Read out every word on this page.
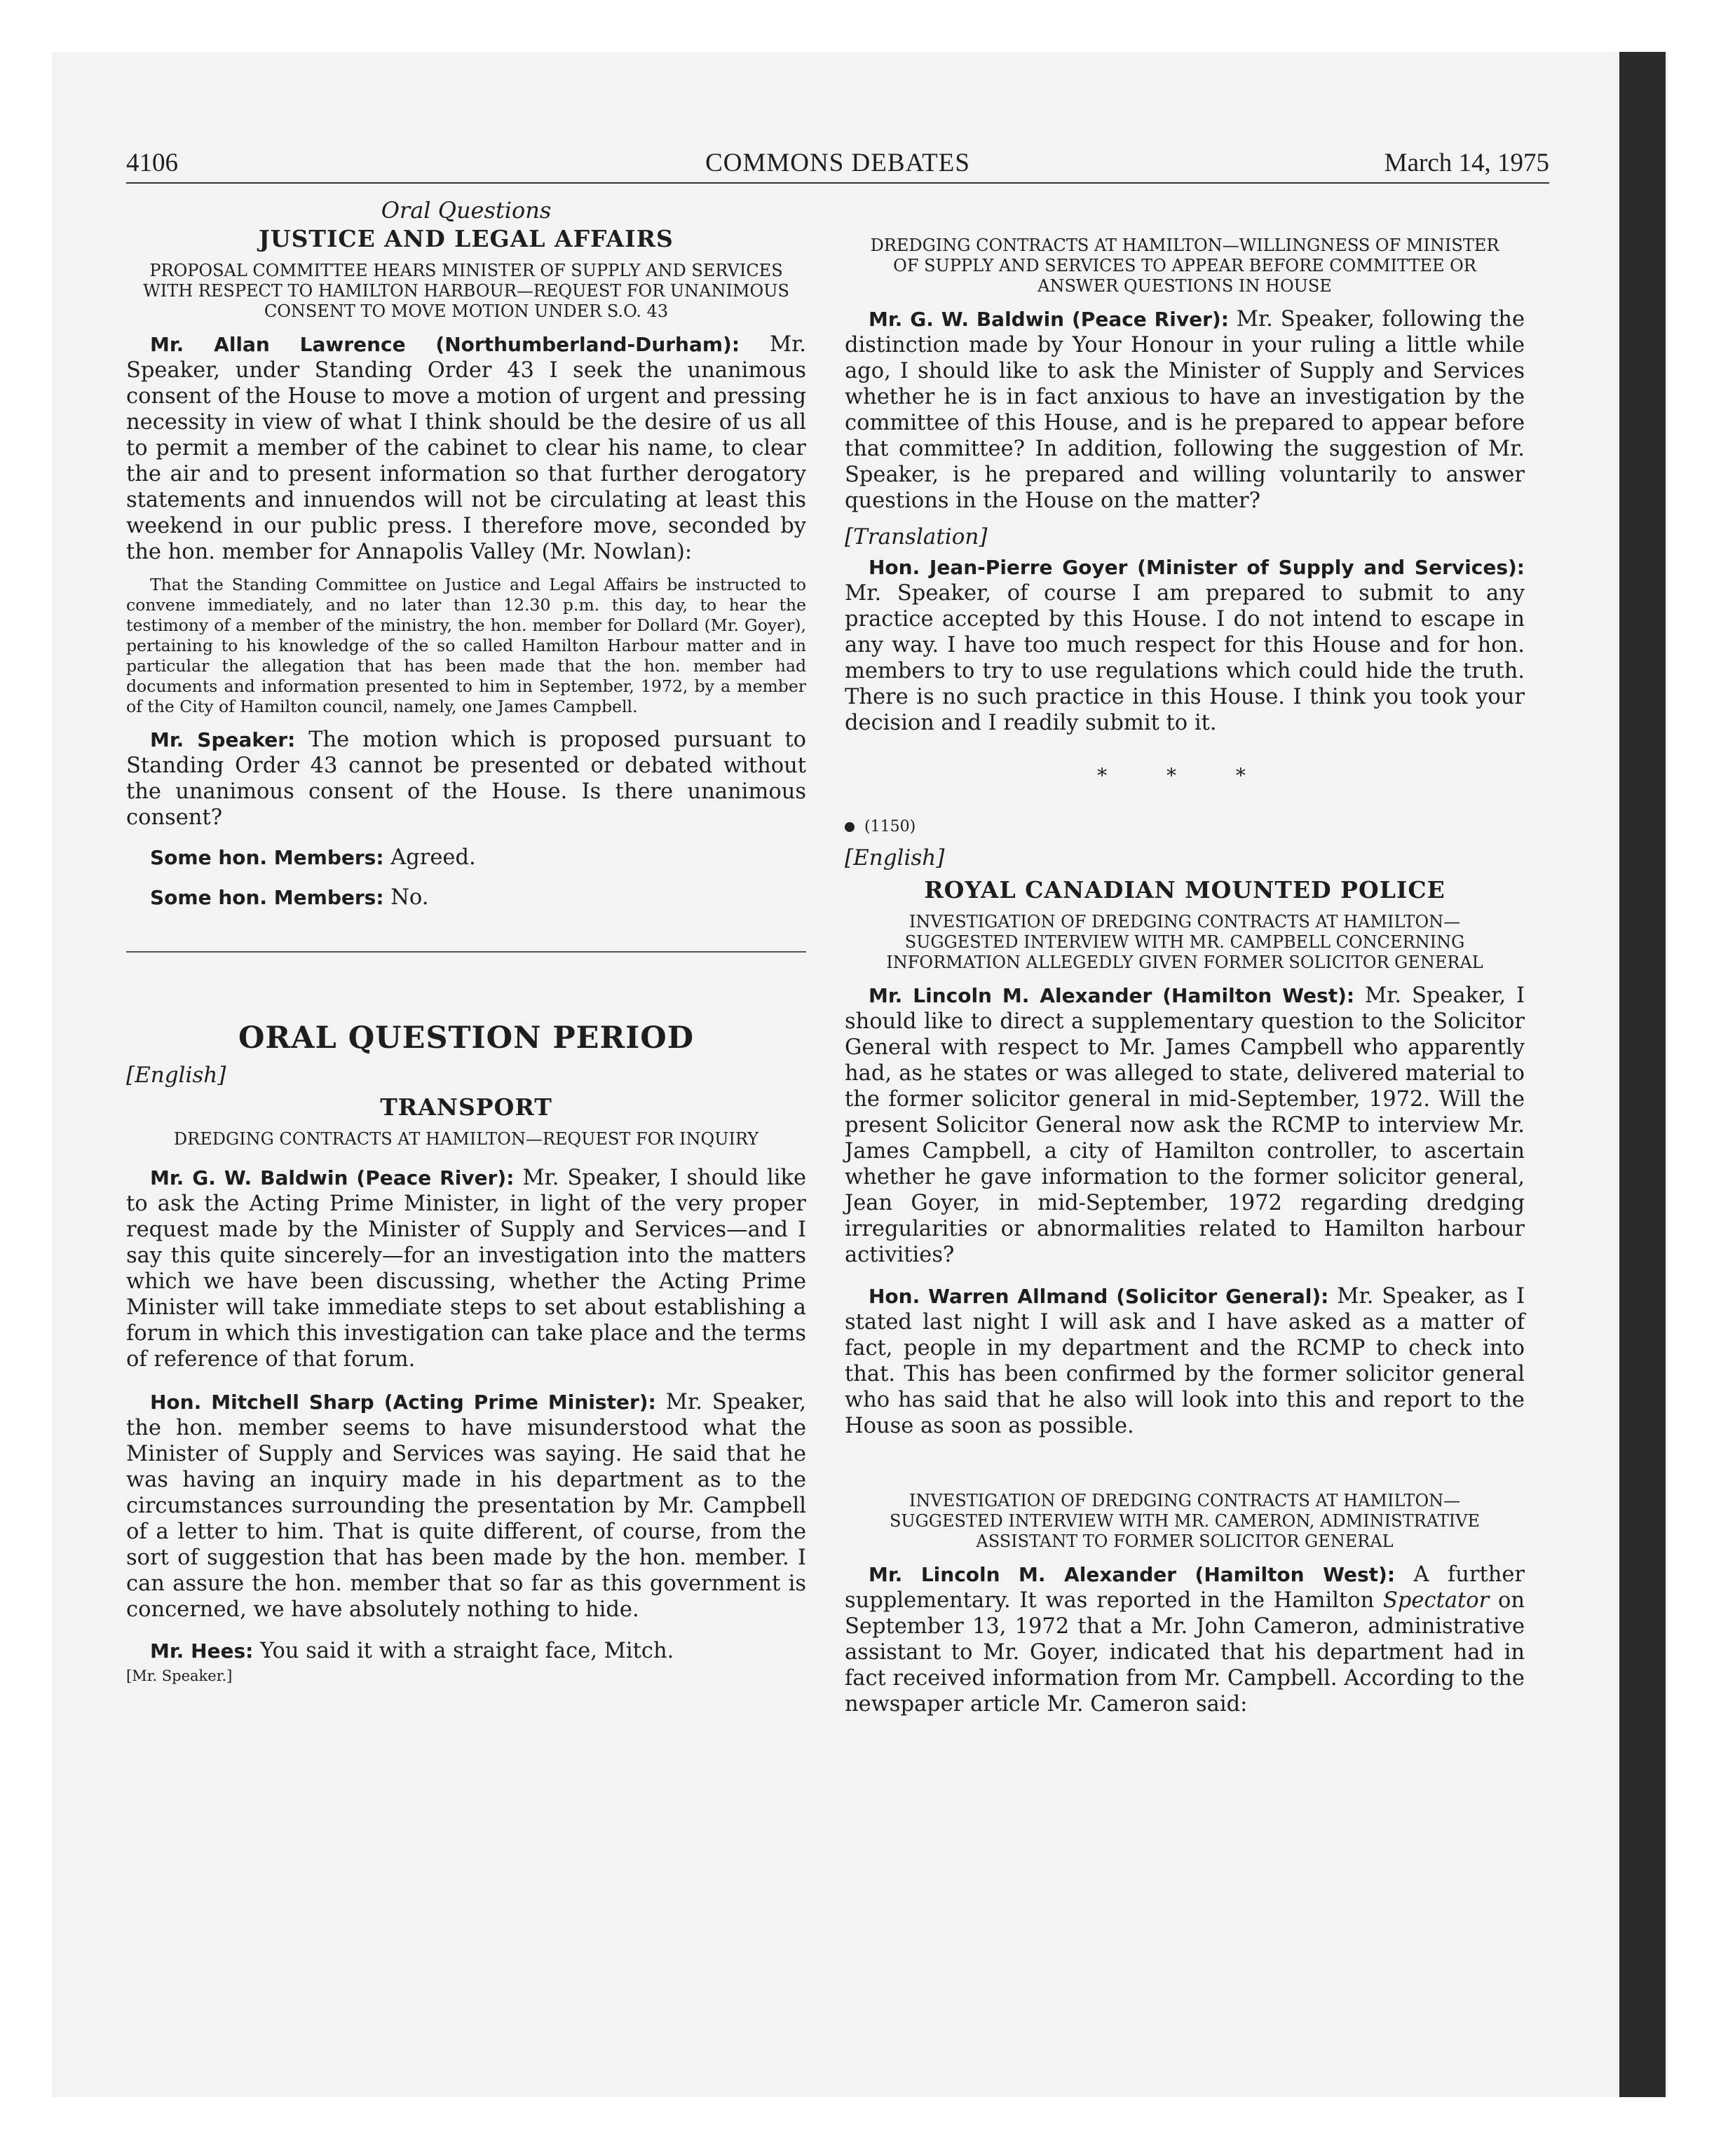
4106	COMMONS DEBATES	March 14, 1975

Oral Questions

JUSTICE AND LEGAL AFFAIRS

PROPOSAL COMMITTEE HEARS MINISTER OF SUPPLY AND SERVICES WITH RESPECT TO HAMILTON HARBOUR—REQUEST FOR UNANIMOUS CONSENT TO MOVE MOTION UNDER S.O. 43

Mr. Allan Lawrence (Northumberland-Durham): Mr. Speaker, under Standing Order 43 I seek the unanimous consent of the House to move a motion of urgent and pressing necessity in view of what I think should be the desire of us all to permit a member of the cabinet to clear his name, to clear the air and to present information so that further derogatory statements and innuendos will not be circulating at least this weekend in our public press. I therefore move, seconded by the hon. member for Annapolis Valley (Mr. Nowlan):

That the Standing Committee on Justice and Legal Affairs be instructed to convene immediately, and no later than 12.30 p.m. this day, to hear the testimony of a member of the ministry, the hon. member for Dollard (Mr. Goyer), pertaining to his knowledge of the so called Hamilton Harbour matter and in particular the allegation that has been made that the hon. member had documents and information presented to him in September, 1972, by a member of the City of Hamilton council, namely, one James Campbell.

Mr. Speaker: The motion which is proposed pursuant to Standing Order 43 cannot be presented or debated without the unanimous consent of the House. Is there unanimous consent?

Some hon. Members: Agreed.

Some hon. Members: No.

ORAL QUESTION PERIOD

[English]

TRANSPORT

DREDGING CONTRACTS AT HAMILTON—REQUEST FOR INQUIRY

Mr. G. W. Baldwin (Peace River): Mr. Speaker, I should like to ask the Acting Prime Minister, in light of the very proper request made by the Minister of Supply and Services—and I say this quite sincerely—for an investigation into the matters which we have been discussing, whether the Acting Prime Minister will take immediate steps to set about establishing a forum in which this investigation can take place and the terms of reference of that forum.

Hon. Mitchell Sharp (Acting Prime Minister): Mr. Speaker, the hon. member seems to have misunderstood what the Minister of Supply and Services was saying. He said that he was having an inquiry made in his department as to the circumstances surrounding the presentation by Mr. Campbell of a letter to him. That is quite different, of course, from the sort of suggestion that has been made by the hon. member. I can assure the hon. member that so far as this government is concerned, we have absolutely nothing to hide.

Mr. Hees: You said it with a straight face, Mitch.

[Mr. Speaker.]

DREDGING CONTRACTS AT HAMILTON—WILLINGNESS OF MINISTER OF SUPPLY AND SERVICES TO APPEAR BEFORE COMMITTEE OR ANSWER QUESTIONS IN HOUSE

Mr. G. W. Baldwin (Peace River): Mr. Speaker, following the distinction made by Your Honour in your ruling a little while ago, I should like to ask the Minister of Supply and Services whether he is in fact anxious to have an investigation by the committee of this House, and is he prepared to appear before that committee? In addition, following the suggestion of Mr. Speaker, is he prepared and willing voluntarily to answer questions in the House on the matter?

[Translation]

Hon. Jean-Pierre Goyer (Minister of Supply and Services): Mr. Speaker, of course I am prepared to submit to any practice accepted by this House. I do not intend to escape in any way. I have too much respect for this House and for hon. members to try to use regulations which could hide the truth. There is no such practice in this House. I think you took your decision and I readily submit to it.

* * *

(1150)

[English]

ROYAL CANADIAN MOUNTED POLICE

INVESTIGATION OF DREDGING CONTRACTS AT HAMILTON—SUGGESTED INTERVIEW WITH MR. CAMPBELL CONCERNING INFORMATION ALLEGEDLY GIVEN FORMER SOLICITOR GENERAL

Mr. Lincoln M. Alexander (Hamilton West): Mr. Speaker, I should like to direct a supplementary question to the Solicitor General with respect to Mr. James Campbell who apparently had, as he states or was alleged to state, delivered material to the former solicitor general in mid-September, 1972. Will the present Solicitor General now ask the RCMP to interview Mr. James Campbell, a city of Hamilton controller, to ascertain whether he gave information to the former solicitor general, Jean Goyer, in mid-September, 1972 regarding dredging irregularities or abnormalities related to Hamilton harbour activities?

Hon. Warren Allmand (Solicitor General): Mr. Speaker, as I stated last night I will ask and I have asked as a matter of fact, people in my department and the RCMP to check into that. This has been confirmed by the former solicitor general who has said that he also will look into this and report to the House as soon as possible.

INVESTIGATION OF DREDGING CONTRACTS AT HAMILTON—SUGGESTED INTERVIEW WITH MR. CAMERON, ADMINISTRATIVE ASSISTANT TO FORMER SOLICITOR GENERAL

Mr. Lincoln M. Alexander (Hamilton West): A further supplementary. It was reported in the Hamilton Spectator on September 13, 1972 that a Mr. John Cameron, administrative assistant to Mr. Goyer, indicated that his department had in fact received information from Mr. Campbell. According to the newspaper article Mr. Cameron said:
